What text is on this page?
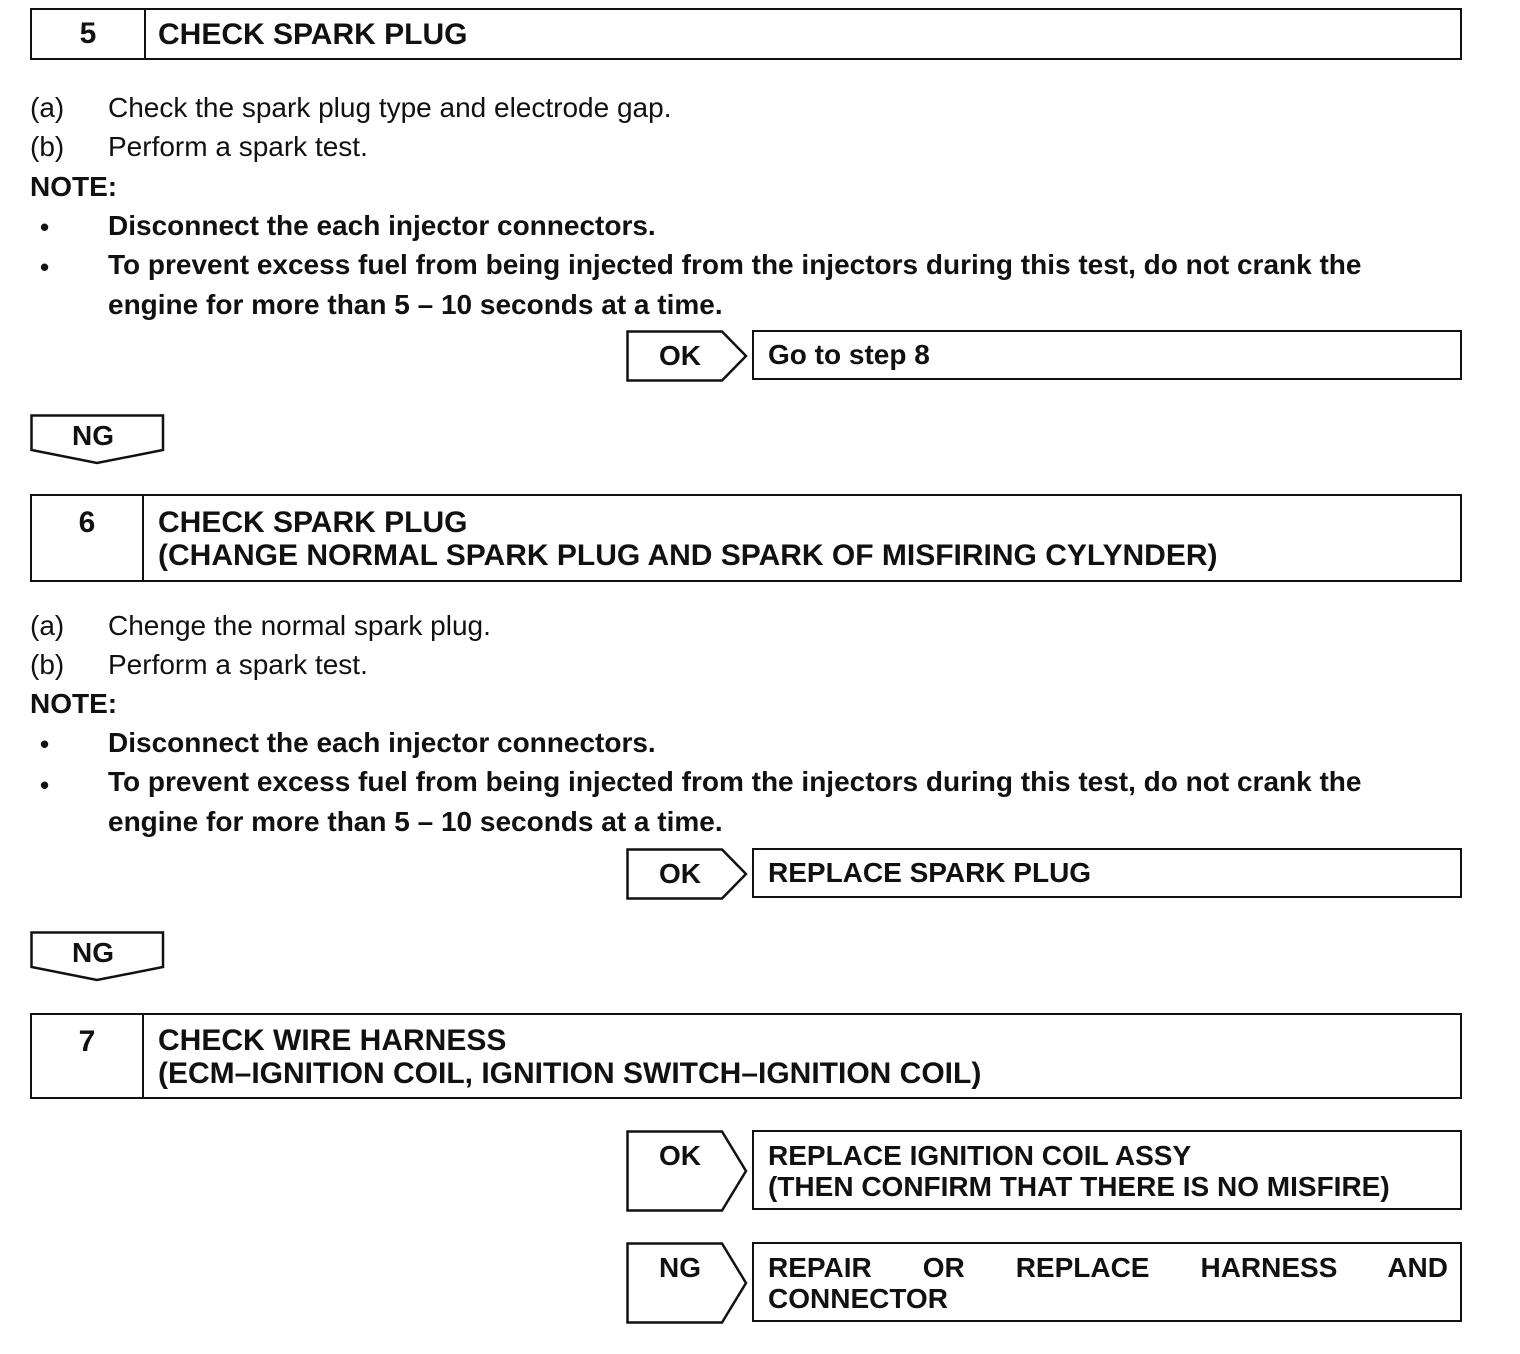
5	CHECK SPARK PLUG
(a) Check the spark plug type and electrode gap.
(b) Perform a spark test.
NOTE:
• Disconnect the each injector connectors.
• To prevent excess fuel from being injected from the injectors during this test, do not crank the
engine for more than 5 – 10 seconds at a time.
OK	Go to step 8
NG
6	CHECK SPARK PLUG
(CHANGE NORMAL SPARK PLUG AND SPARK OF MISFIRING CYLYNDER)
(a) Chenge the normal spark plug.
(b) Perform a spark test.
NOTE:
• Disconnect the each injector connectors.
• To prevent excess fuel from being injected from the injectors during this test, do not crank the
engine for more than 5 – 10 seconds at a time.
OK	REPLACE SPARK PLUG
NG
7	CHECK WIRE HARNESS
(ECM–IGNITION COIL, IGNITION SWITCH–IGNITION COIL)
OK	REPLACE IGNITION COIL ASSY
(THEN CONFIRM THAT THERE IS NO MISFIRE)
NG	REPAIR OR REPLACE HARNESS AND
CONNECTOR
